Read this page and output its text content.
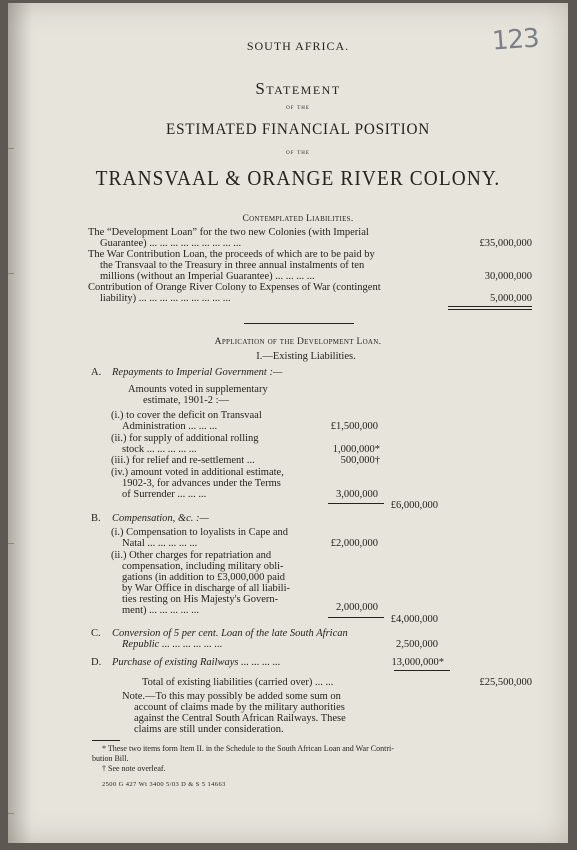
SOUTH AFRICA.	123
Statement
of the
ESTIMATED FINANCIAL POSITION
of the
TRANSVAAL & ORANGE RIVER COLONY.
Contemplated Liabilities.
The “Development Loan” for the two new Colonies (with Imperial
Guarantee) ... ... ... ... ... ... ... ... ...	£35,000,000
The War Contribution Loan, the proceeds of which are to be paid by
the Transvaal to the Treasury in three annual instalments of ten
millions (without an Imperial Guarantee) ... ... ... ...	30,000,000
Contribution of Orange River Colony to Expenses of War (contingent
liability) ... ... ... ... ... ... ... ... ...	5,000,000
Application of the Development Loan.
I.—Existing Liabilities.
A. Repayments to Imperial Government :—
Amounts voted in supplementary
estimate, 1901-2 :—
(i.) to cover the deficit on Transvaal
Administration ... ... ...	£1,500,000
(ii.) for supply of additional rolling
stock ... ... ... ... ...	1,000,000*
(iii.) for relief and re-settlement ...	500,000†
(iv.) amount voted in additional estimate,
1902-3, for advances under the Terms
of Surrender ... ... ...	3,000,000
£6,000,000
B. Compensation, &c. :—
(i.) Compensation to loyalists in Cape and
Natal ... ... ... ... ...	£2,000,000
(ii.) Other charges for repatriation and
compensation, including military obli-
gations (in addition to £3,000,000 paid
by War Office in discharge of all liabili-
ties resting on His Majesty's Govern-
ment) ... ... ... ... ...	2,000,000
£4,000,000
C. Conversion of 5 per cent. Loan of the late South African
Republic ... ... ... ... ... ...	2,500,000
D. Purchase of existing Railways ... ... ... ...	13,000,000*
Total of existing liabilities (carried over) ... ...	£25,500,000
Note.—To this may possibly be added some sum on
account of claims made by the military authorities
against the Central South African Railways. These
claims are still under consideration.
* These two items form Item II. in the Schedule to the South African Loan and War Contri-
bution Bill.
† See note overleaf.
2500 G 427 Wt 3400 5/03 D & S 5 14663
